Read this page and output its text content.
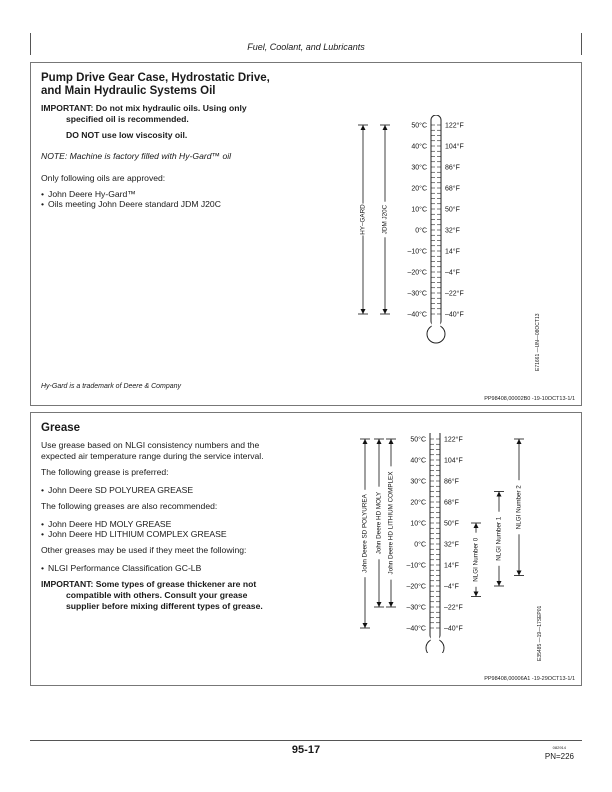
Fuel, Coolant, and Lubricants
Pump Drive Gear Case, Hydrostatic Drive,
and Main Hydraulic Systems Oil
IMPORTANT: Do not mix hydraulic oils. Using only
specified oil is recommended.
DO NOT use low viscosity oil.
NOTE: Machine is factory filled with Hy-Gard™ oil
Only following oils are approved:
• John Deere Hy-Gard™
• Oils meeting John Deere standard JDM J20C
Hy-Gard is a trademark of Deere & Company
PP98408,00002B0 -19-10OCT13-1/1
E71661 —UN—08OCT13
50°C
40°C
30°C
20°C
10°C
0°C
–10°C
–20°C
–30°C
–40°C
122°F
104°F
86°F
68°F
50°F
32°F
14°F
–4°F
–22°F
–40°F
HY–GARD JDM J20C
Grease
Use grease based on NLGI consistency numbers and the
expected air temperature range during the service interval.
The following grease is preferred:
• John Deere SD POLYUREA GREASE
The following greases are also recommended:
• John Deere HD MOLY GREASE
• John Deere HD LITHIUM COMPLEX GREASE
Other greases may be used if they meet the following:
• NLGI Performance Classification GC-LB
IMPORTANT: Some types of grease thickener are not
compatible with others. Consult your grease
supplier before mixing different types of grease.
PP98408,00006A1 -19-29OCT13-1/1
E35485 —19—17SEP01
50°C
40°C
30°C
20°C
10°C
0°C
–10°C
–20°C
–30°C
–40°C
122°F
104°F
86°F
68°F
50°F
32°F
14°F
–4°F
–22°F
–40°F
John Deere SD POLYUREA John Deere HD MOLY John Deere HD LITHIUM COMPLEX	NLGI Number 0	NLGI Number 1
NLGI Number 2
95-17	082914
PN=226
